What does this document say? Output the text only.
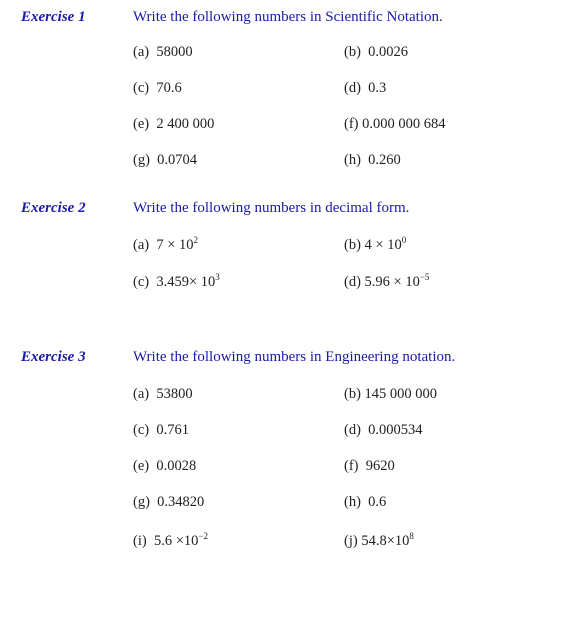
Exercise 1	Write the following numbers in Scientific Notation.
(a) 58000	(b) 0.0026
(c) 70.6	(d) 0.3
(e) 2 400 000	(f) 0.000 000 684
(g) 0.0704	(h) 0.260
Exercise 2	Write the following numbers in decimal form.
(a) $7 \times 10^2$	(b) $4 \times 10^0$
(c) $3.459\times 10^3$	(d) $5.96 \times 10^{-5}$
Exercise 3	Write the following numbers in Engineering notation.
(a) 53800	(b) 145 000 000
(c) 0.761	(d) 0.000534
(e) 0.0028	(f) 9620
(g) 0.34820	(h) 0.6
(i) $5.6 \times 10^{-2}$	(j) $54.8\times 10^8$
